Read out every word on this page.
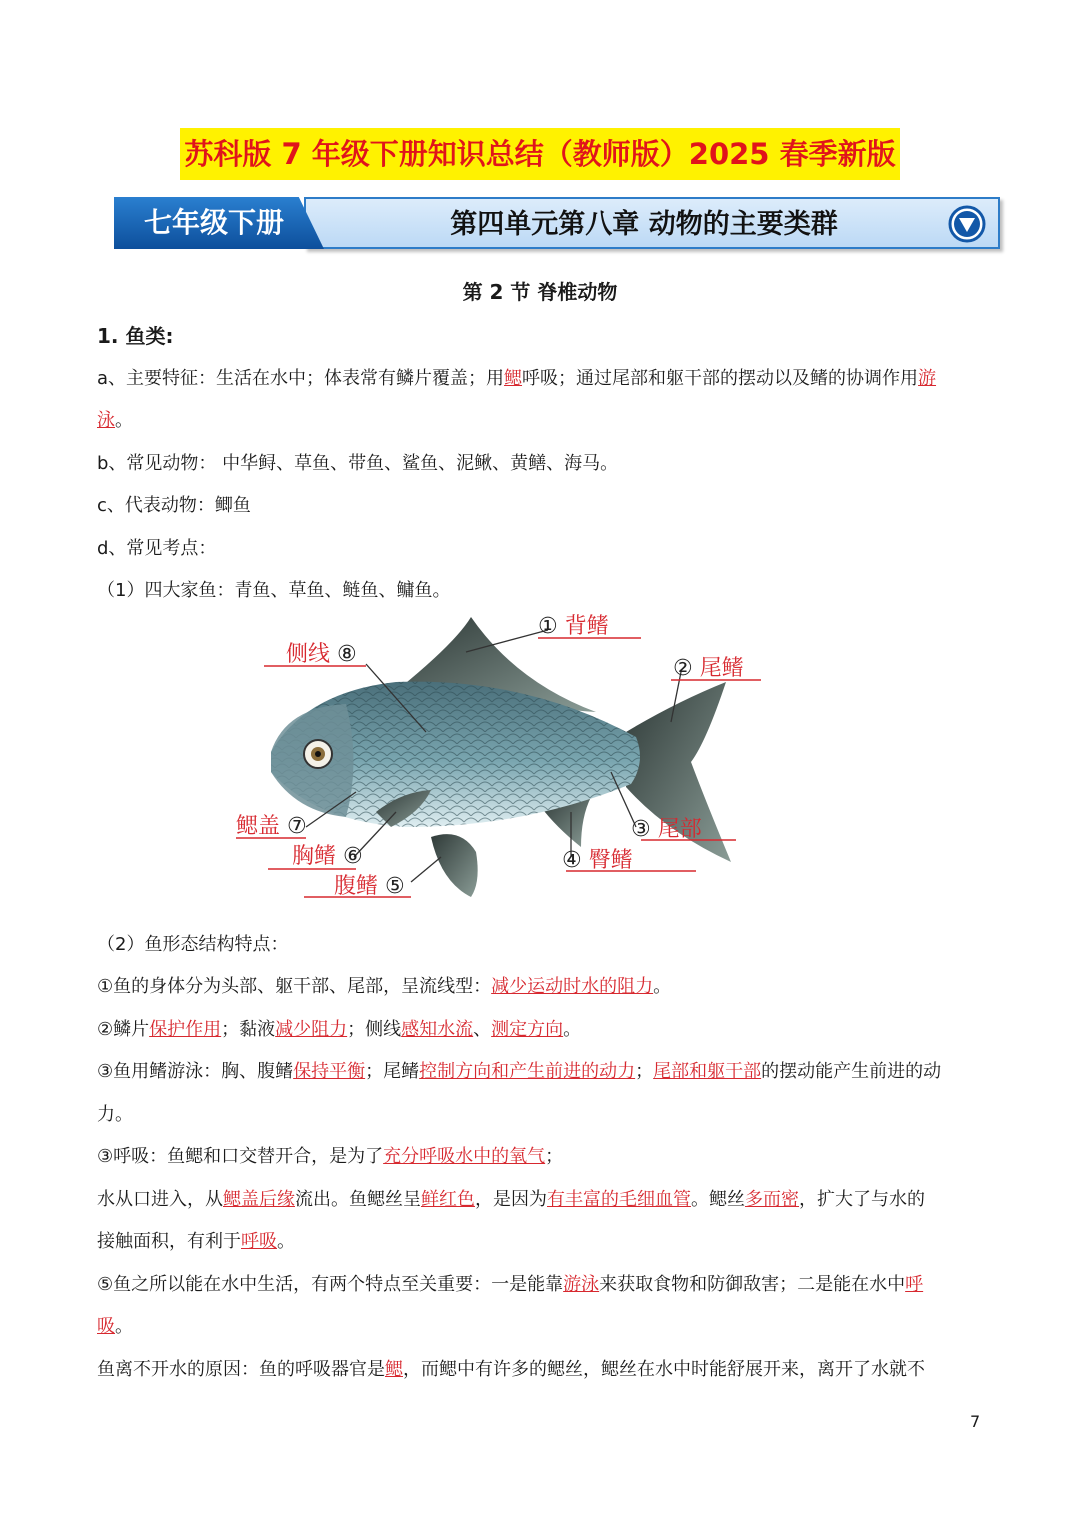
苏科版 7 年级下册知识总结（教师版）2025 春季新版
七年级下册	第四单元第八章 动物的主要类群
第 2 节 脊椎动物
1. 鱼类:
a、主要特征：生活在水中；体表常有鳞片覆盖；用鳃呼吸；通过尾部和躯干部的摆动以及鳍的协调作用游
泳。
b、常见动物： 中华鲟、草鱼、带鱼、鲨鱼、泥鳅、黄鳝、海马。
c、代表动物：鲫鱼
d、常见考点：
（1）四大家鱼：青鱼、草鱼、鲢鱼、鳙鱼。
① 背鳍
侧线 ⑧
② 尾鳍
③ 尾部
鳃盖 ⑦
胸鳍 ⑥	④ 臀鳍
腹鳍 ⑤
（2）鱼形态结构特点：
①鱼的身体分为头部、躯干部、尾部，呈流线型：减少运动时水的阻力。
②鳞片保护作用；黏液减少阻力；侧线感知水流、测定方向。
③鱼用鳍游泳：胸、腹鳍保持平衡；尾鳍控制方向和产生前进的动力；尾部和躯干部的摆动能产生前进的动
力。
③呼吸：鱼鳃和口交替开合，是为了充分呼吸水中的氧气；
水从口进入，从鳃盖后缘流出。鱼鳃丝呈鲜红色，是因为有丰富的毛细血管。鳃丝多而密，扩大了与水的
接触面积，有利于呼吸。
⑤鱼之所以能在水中生活，有两个特点至关重要：一是能靠游泳来获取食物和防御敌害；二是能在水中呼
吸。
鱼离不开水的原因：鱼的呼吸器官是鳃，而鳃中有许多的鳃丝，鳃丝在水中时能舒展开来，离开了水就不
7
